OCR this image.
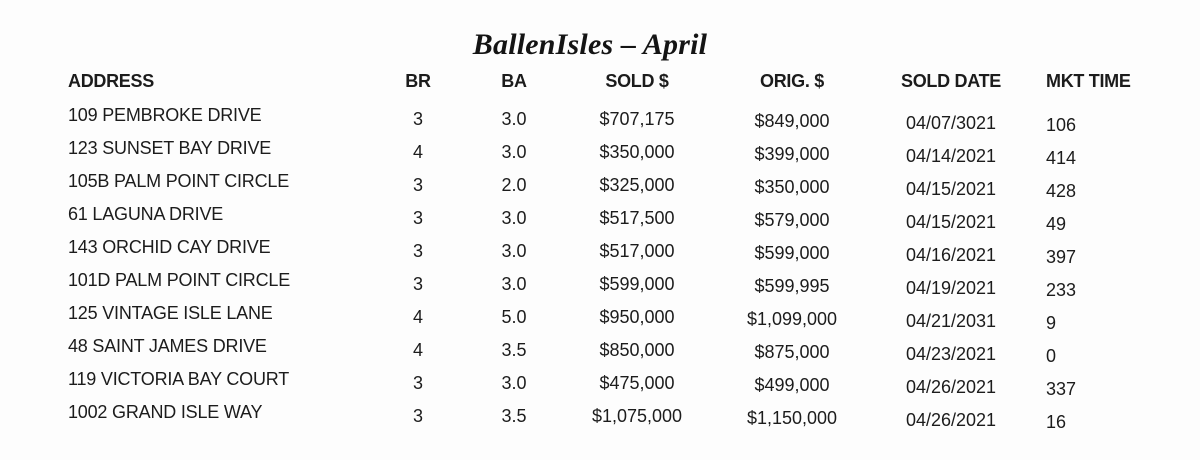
BallenIsles – April
ADDRESS	BR	BA	SOLD $	ORIG. $	SOLD DATE	MKT TIME
109 PEMBROKE DRIVE	3	3.0	$707,175	$849,000	04/07/3021	106
123 SUNSET BAY DRIVE	4	3.0	$350,000	$399,000	04/14/2021	414
105B PALM POINT CIRCLE	3	2.0	$325,000	$350,000	04/15/2021	428
61 LAGUNA DRIVE	3	3.0	$517,500	$579,000	04/15/2021	49
143 ORCHID CAY DRIVE	3	3.0	$517,000	$599,000	04/16/2021	397
101D PALM POINT CIRCLE	3	3.0	$599,000	$599,995	04/19/2021	233
125 VINTAGE ISLE LANE	4	5.0	$950,000	$1,099,000	04/21/2031	9
48 SAINT JAMES DRIVE	4	3.5	$850,000	$875,000	04/23/2021	0
119 VICTORIA BAY COURT	3	3.0	$475,000	$499,000	04/26/2021	337
1002 GRAND ISLE WAY	3	3.5	$1,075,000	$1,150,000	04/26/2021	16
